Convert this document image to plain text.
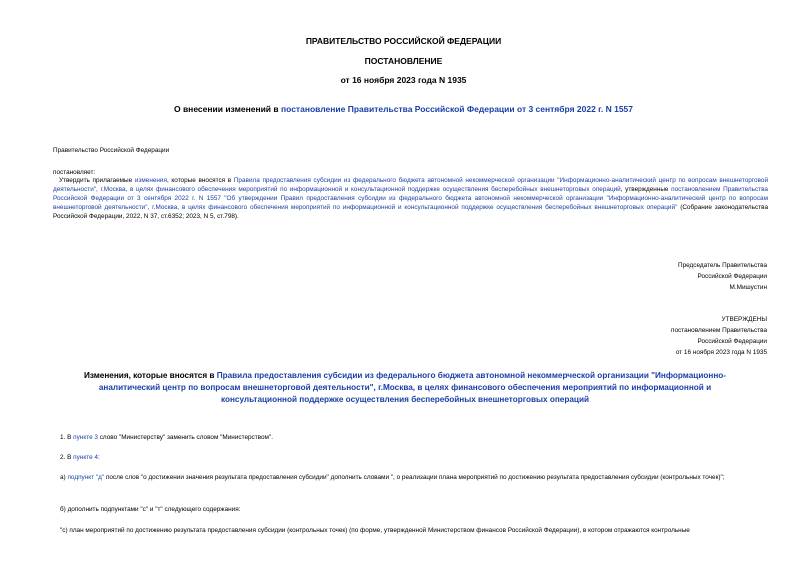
ПРАВИТЕЛЬСТВО РОССИЙСКОЙ ФЕДЕРАЦИИ
ПОСТАНОВЛЕНИЕ
от 16 ноября 2023 года N 1935
О внесении изменений в постановление Правительства Российской Федерации от 3 сентября 2022 г. N 1557
Правительство Российской Федерации
постановляет:
Утвердить прилагаемые изменения, которые вносятся в Правила предоставления субсидии из федерального бюджета автономной некоммерческой организации "Информационно-аналитический центр по вопросам внешнеторговой деятельности", г.Москва, в целях финансового обеспечения мероприятий по информационной и консультационной поддержке осуществления бесперебойных внешнеторговых операций, утвержденные постановлением Правительства Российской Федерации от 3 сентября 2022 г. N 1557 "Об утверждении Правил предоставления субсидии из федерального бюджета автономной некоммерческой организации "Информационно-аналитический центр по вопросам внешнеторговой деятельности", г.Москва, в целях финансового обеспечения мероприятий по информационной и консультационной поддержке осуществления бесперебойных внешнеторговых операций" (Собрание законодательства Российской Федерации, 2022, N 37, ст.6352; 2023, N 5, ст.798).
Председатель Правительства
Российской Федерации
М.Мишустин
УТВЕРЖДЕНЫ
постановлением Правительства
Российской Федерации
от 16 ноября 2023 года N 1935
Изменения, которые вносятся в Правила предоставления субсидии из федерального бюджета автономной некоммерческой организации "Информационно-аналитический центр по вопросам внешнеторговой деятельности", г.Москва, в целях финансового обеспечения мероприятий по информационной и консультационной поддержке осуществления бесперебойных внешнеторговых операций
1. В пункте 3 слово "Министерству" заменить словом "Министерством".
2. В пункте 4:
а) подпункт "д" после слов "о достижении значения результата предоставления субсидии" дополнить словами ", о реализации плана мероприятий по достижению результата предоставления субсидии (контрольных точек)";
б) дополнить подпунктами "с" и "т" следующего содержания:
"с) план мероприятий по достижению результата предоставления субсидии (контрольных точек) (по форме, утвержденной Министерством финансов Российской Федерации), в котором отражаются контрольные
